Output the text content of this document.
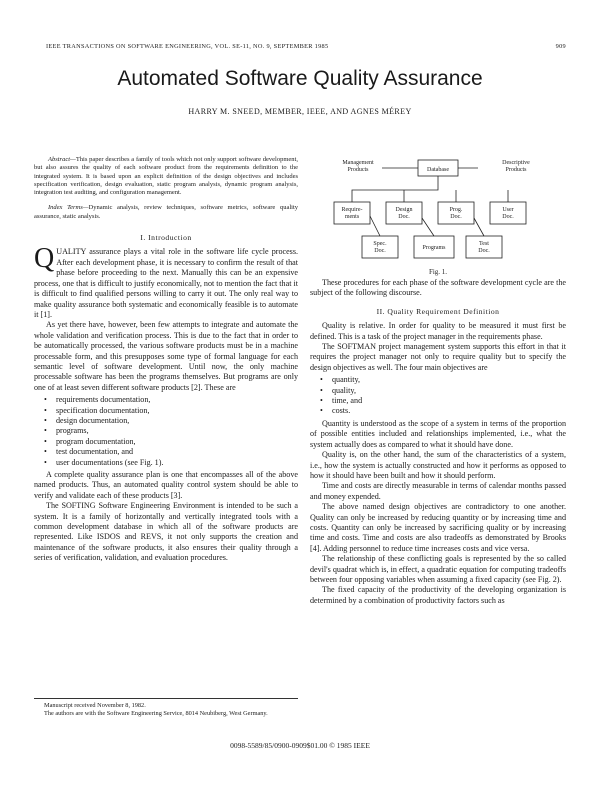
IEEE TRANSACTIONS ON SOFTWARE ENGINEERING, VOL. SE-11, NO. 9, SEPTEMBER 1985	909
Automated Software Quality Assurance
HARRY M. SNEED, MEMBER, IEEE, AND AGNES MÉREY

Abstract—This paper describes a family of tools which not only support software development, but also assures the quality of each software product from the requirements definition to the integrated system. It is based upon an explicit definition of the design objectives and includes specification verification, design evaluation, static program analysis, dynamic program analysis, integration test auditing, and configuration management.

Index Terms—Dynamic analysis, review techniques, software metrics, software quality assurance, static analysis.

I. Introduction

QUALITY assurance plays a vital role in the software life cycle process. After each development phase, it is necessary to confirm the result of that phase before proceeding to the next. Manually this can be an expensive process, one that is difficult to justify economically, not to mention the fact that it is difficult to find qualified persons willing to carry it out. The only real way to make quality assurance both systematic and economically feasible is to automate it [1].

As yet there have, however, been few attempts to integrate and automate the whole validation and verification process. This is due to the fact that in order to be automatically processed, the various software products must be in a machine processable form, and this presupposes some type of formal language for each semantic level of software development. Until now, the only machine processable software has been the programs themselves. But programs are only one of at least seven different software products [2]. These are

• requirements documentation,
• specification documentation,
• design documentation,
• programs,
• program documentation,
• test documentation, and
• user documentations (see Fig. 1).

A complete quality assurance plan is one that encompasses all of the above named products. Thus, an automated quality control system should be able to verify and validate each of these products [3].

The SOFTING Software Engineering Environment is intended to be such a system. It is a family of horizontally and vertically integrated tools with a common development database in which all of the software products are represented. Like ISDOS and REVS, it not only supports the creation and maintenance of the software products, it also ensures their quality through a series of verification, validation, and evaluation procedures.

Manuscript received November 8, 1982.

The authors are with the Software Engineering Service, 8014 Neubiberg, West Germany.

Management Products	Database
Descriptive Products
Require-ments
Design Doc.
Prog. Doc.
User Doc.
Spec. Doc.	Programs
Test Doc.
Fig. 1.

These procedures for each phase of the software development cycle are the subject of the following discourse.

II. Quality Requirement Definition

Quality is relative. In order for quality to be measured it must first be defined. This is a task of the project manager in the requirements phase.

The SOFTMAN project management system supports this effort in that it requires the project manager not only to require quality but to specify the design objectives as well. The four main objectives are

• quantity,
• quality,
• time, and
• costs.

Quantity is understood as the scope of a system in terms of the proportion of possible entities included and relationships implemented, i.e., what the system actually does as compared to what it should have done.

Quality is, on the other hand, the sum of the characteristics of a system, i.e., how the system is actually constructed and how it performs as opposed to how it should have been built and how it should perform.

Time and costs are directly measurable in terms of calendar months passed and money expended.

The above named design objectives are contradictory to one another. Quality can only be increased by reducing quantity or by increasing time and costs. Quantity can only be increased by sacrificing quality or by increasing time and costs. Time and costs are also tradeoffs as demonstrated by Brooks [4]. Adding personnel to reduce time increases costs and vice versa.

The relationship of these conflicting goals is represented by the so called devil's quadrat which is, in effect, a quadratic equation for computing tradeoffs between four opposing variables when assuming a fixed capacity (see Fig. 2).

The fixed capacity of the productivity of the developing organization is determined by a combination of productivity factors such as

0098-5589/85/0900-0909$01.00 © 1985 IEEE
